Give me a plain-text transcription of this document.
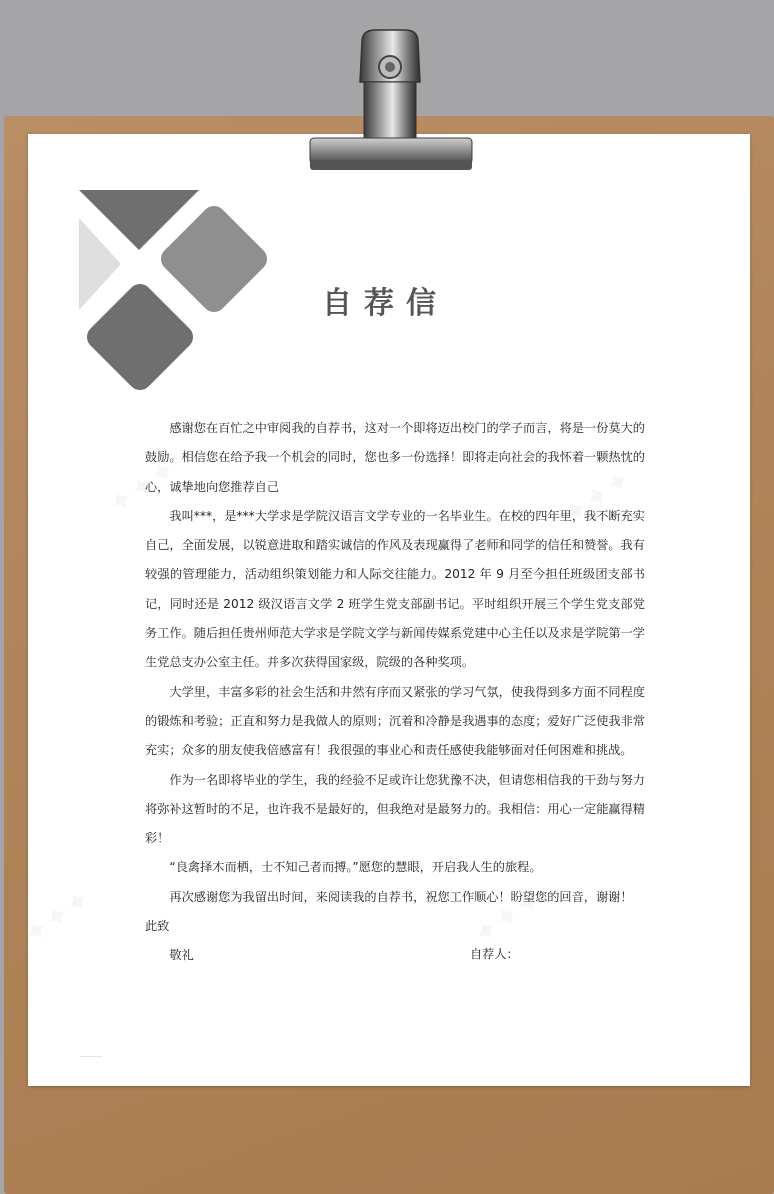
自荐信

感谢您在百忙之中审阅我的自荐书，这对一个即将迈出校门的学子而言，将是一份莫大的鼓励。相信您在给予我一个机会的同时，您也多一份选择！即将走向社会的我怀着一颗热忱的心，诚挚地向您推荐自己

我叫***，是***大学求是学院汉语言文学专业的一名毕业生。在校的四年里，我不断充实自己，全面发展，以锐意进取和踏实诚信的作风及表现赢得了老师和同学的信任和赞誉。我有较强的管理能力，活动组织策划能力和人际交往能力。2012 年 9 月至今担任班级团支部书记，同时还是 2012 级汉语言文学 2 班学生党支部副书记。平时组织开展三个学生党支部党务工作。随后担任贵州师范大学求是学院文学与新闻传媒系党建中心主任以及求是学院第一学生党总支办公室主任。并多次获得国家级，院级的各种奖项。

大学里，丰富多彩的社会生活和井然有序而又紧张的学习气氛，使我得到多方面不同程度的锻炼和考验；正直和努力是我做人的原则；沉着和冷静是我遇事的态度；爱好广泛使我非常充实；众多的朋友使我倍感富有！我很强的事业心和责任感使我能够面对任何困难和挑战。

作为一名即将毕业的学生，我的经验不足或许让您犹豫不决，但请您相信我的干劲与努力将弥补这暂时的不足，也许我不是最好的，但我绝对是最努力的。我相信：用心一定能赢得精彩！

“良禽择木而栖，士不知己者而搏。”愿您的慧眼，开启我人生的旅程。

再次感谢您为我留出时间，来阅读我的自荐书，祝您工作顺心！盼望您的回音，谢谢！

此致

敬礼	自荐人：
